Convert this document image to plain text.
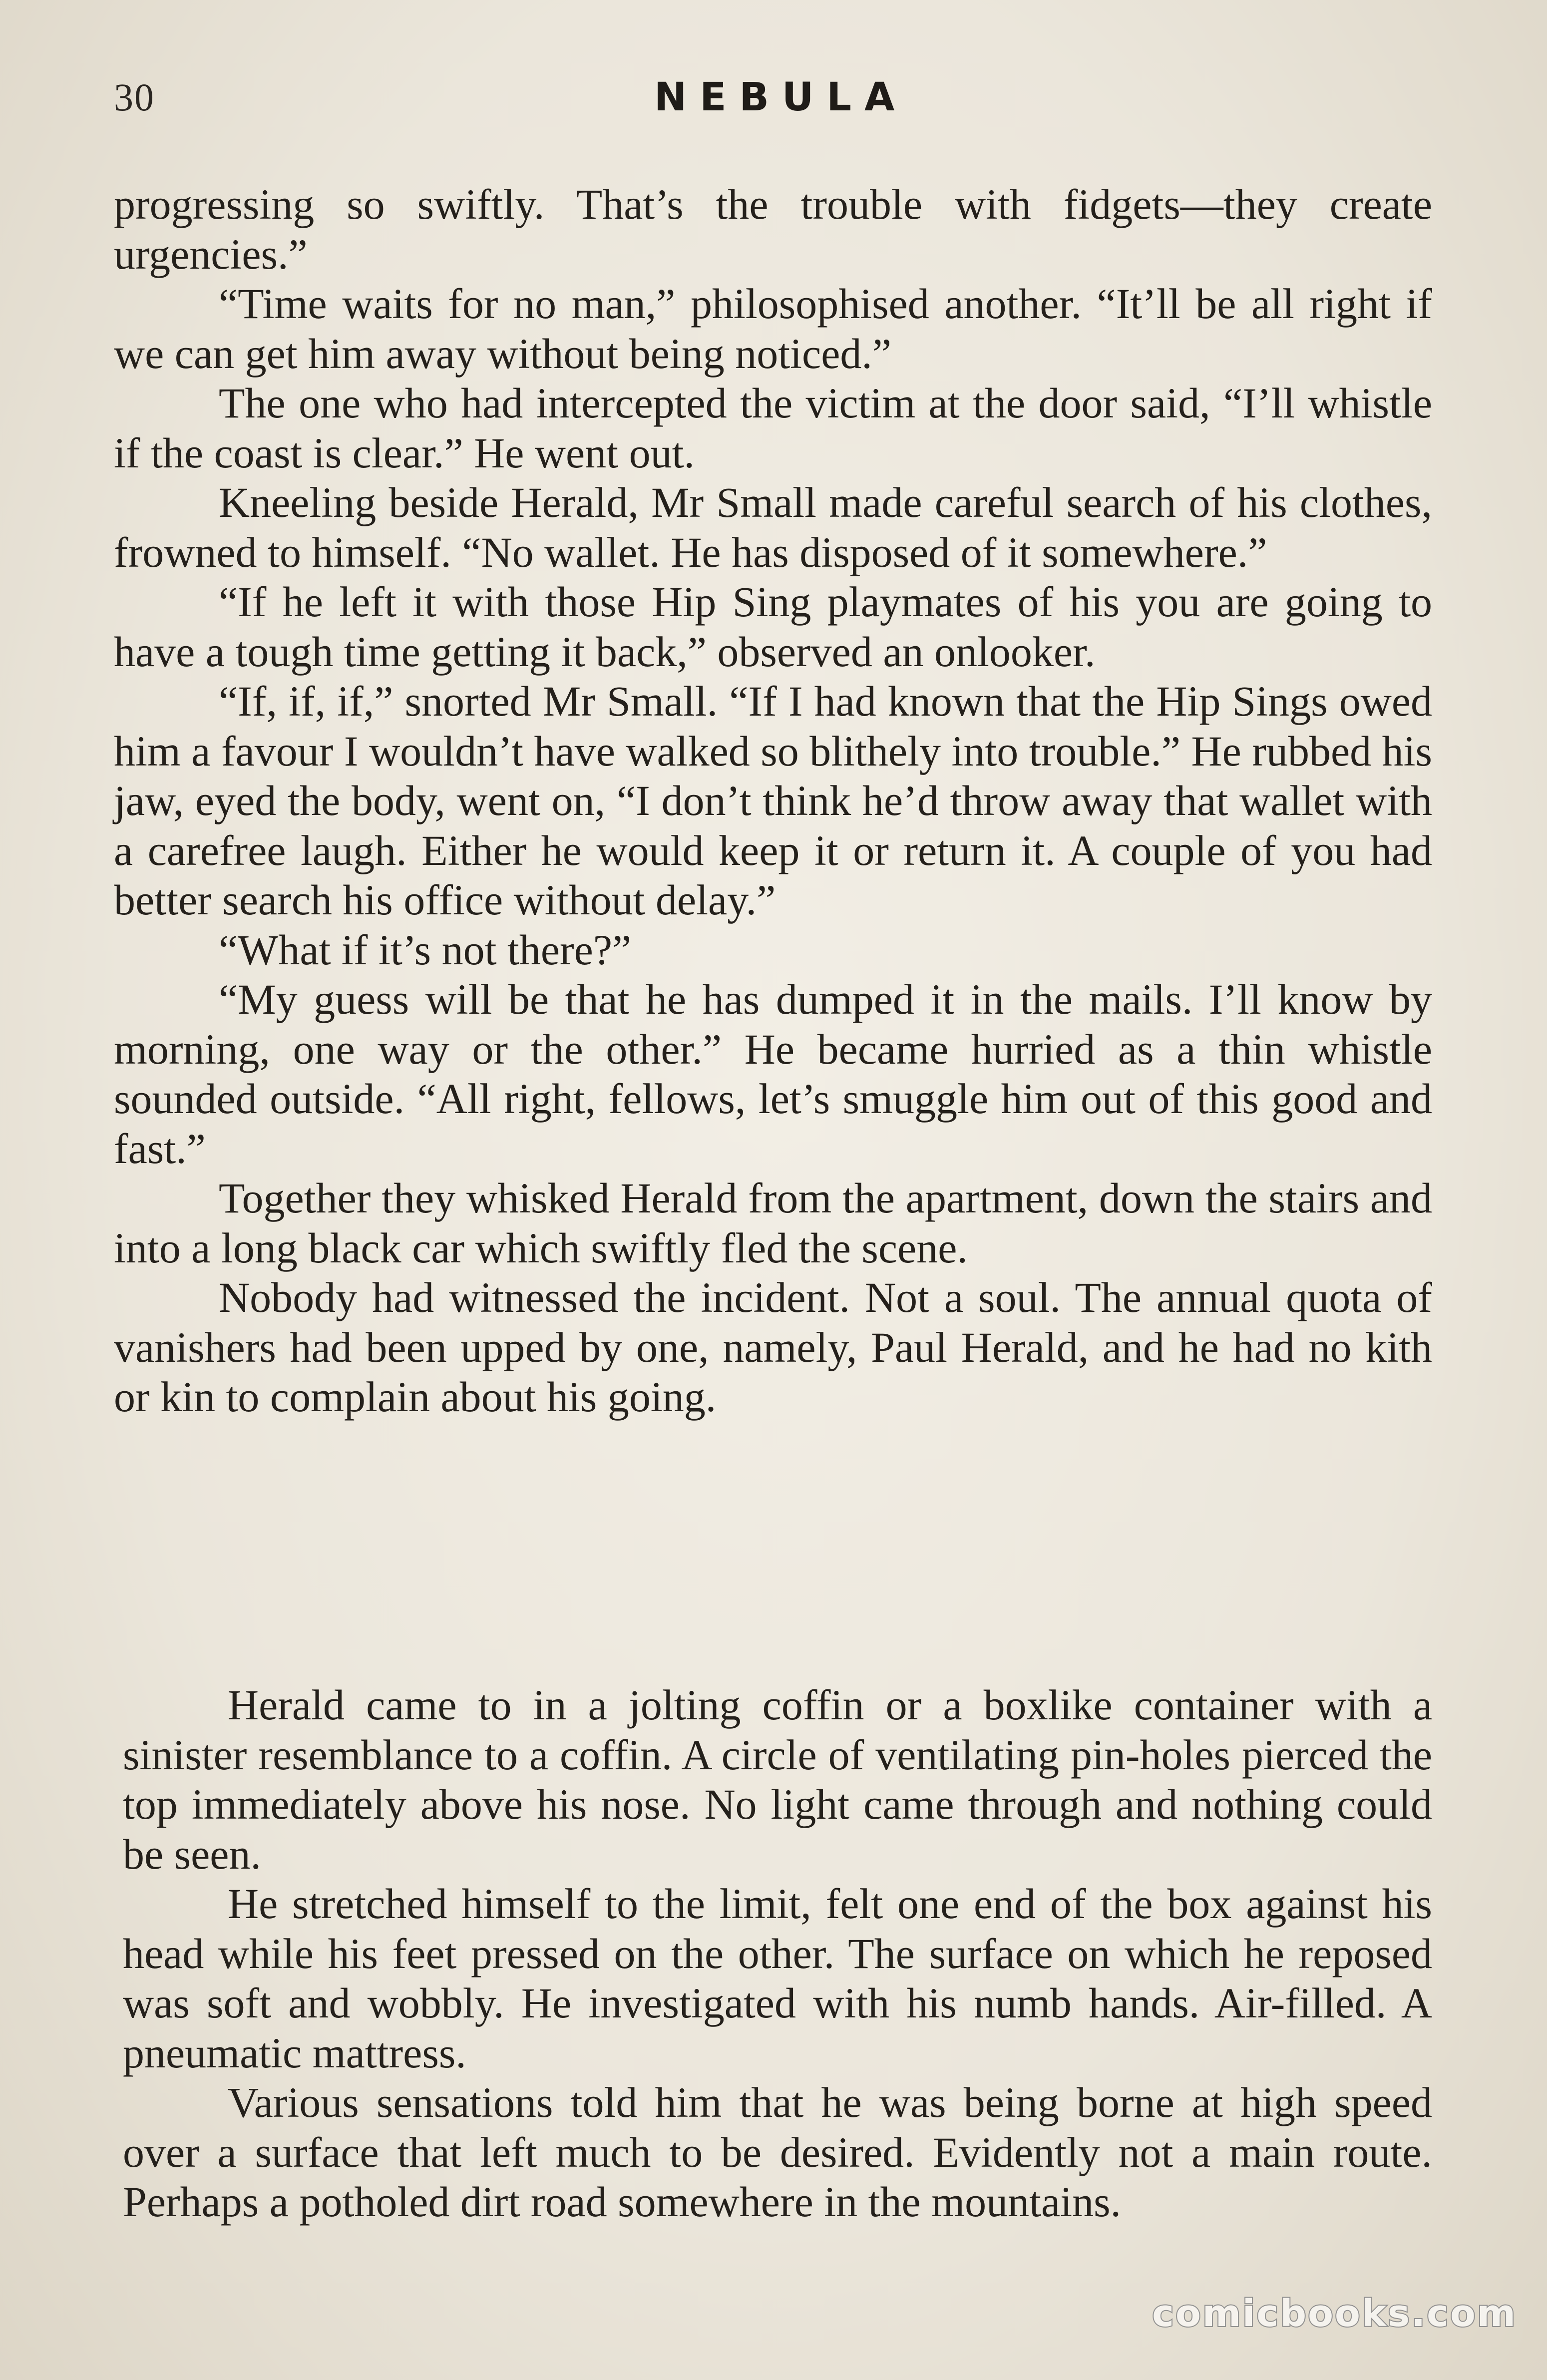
30	NEBULA

progressing so swiftly. That’s the trouble with fidgets—they create urgencies.”

“Time waits for no man,” philosophised another. “It’ll be all right if we can get him away without being noticed.”

The one who had intercepted the victim at the door said, “I’ll whistle if the coast is clear.” He went out.

Kneeling beside Herald, Mr Small made careful search of his clothes, frowned to himself. “No wallet. He has disposed of it somewhere.”

“If he left it with those Hip Sing playmates of his you are going to have a tough time getting it back,” observed an onlooker.

“If, if, if,” snorted Mr Small. “If I had known that the Hip Sings owed him a favour I wouldn’t have walked so blithely into trouble.” He rubbed his jaw, eyed the body, went on, “I don’t think he’d throw away that wallet with a carefree laugh. Either he would keep it or return it. A couple of you had better search his office without delay.”

“What if it’s not there?”

“My guess will be that he has dumped it in the mails. I’ll know by morning, one way or the other.” He became hurried as a thin whistle sounded outside. “All right, fellows, let’s smuggle him out of this good and fast.”

Together they whisked Herald from the apartment, down the stairs and into a long black car which swiftly fled the scene.

Nobody had witnessed the incident. Not a soul. The annual quota of vanishers had been upped by one, namely, Paul Herald, and he had no kith or kin to complain about his going.

Herald came to in a jolting coffin or a boxlike container with a sinister resemblance to a coffin. A circle of ventilating pin-holes pierced the top immediately above his nose. No light came through and nothing could be seen.

He stretched himself to the limit, felt one end of the box against his head while his feet pressed on the other. The surface on which he reposed was soft and wobbly. He investigated with his numb hands. Air-filled. A pneumatic mattress.

Various sensations told him that he was being borne at high speed over a surface that left much to be desired. Evidently not a main route. Perhaps a potholed dirt road somewhere in the mountains.

comicbooks.com
